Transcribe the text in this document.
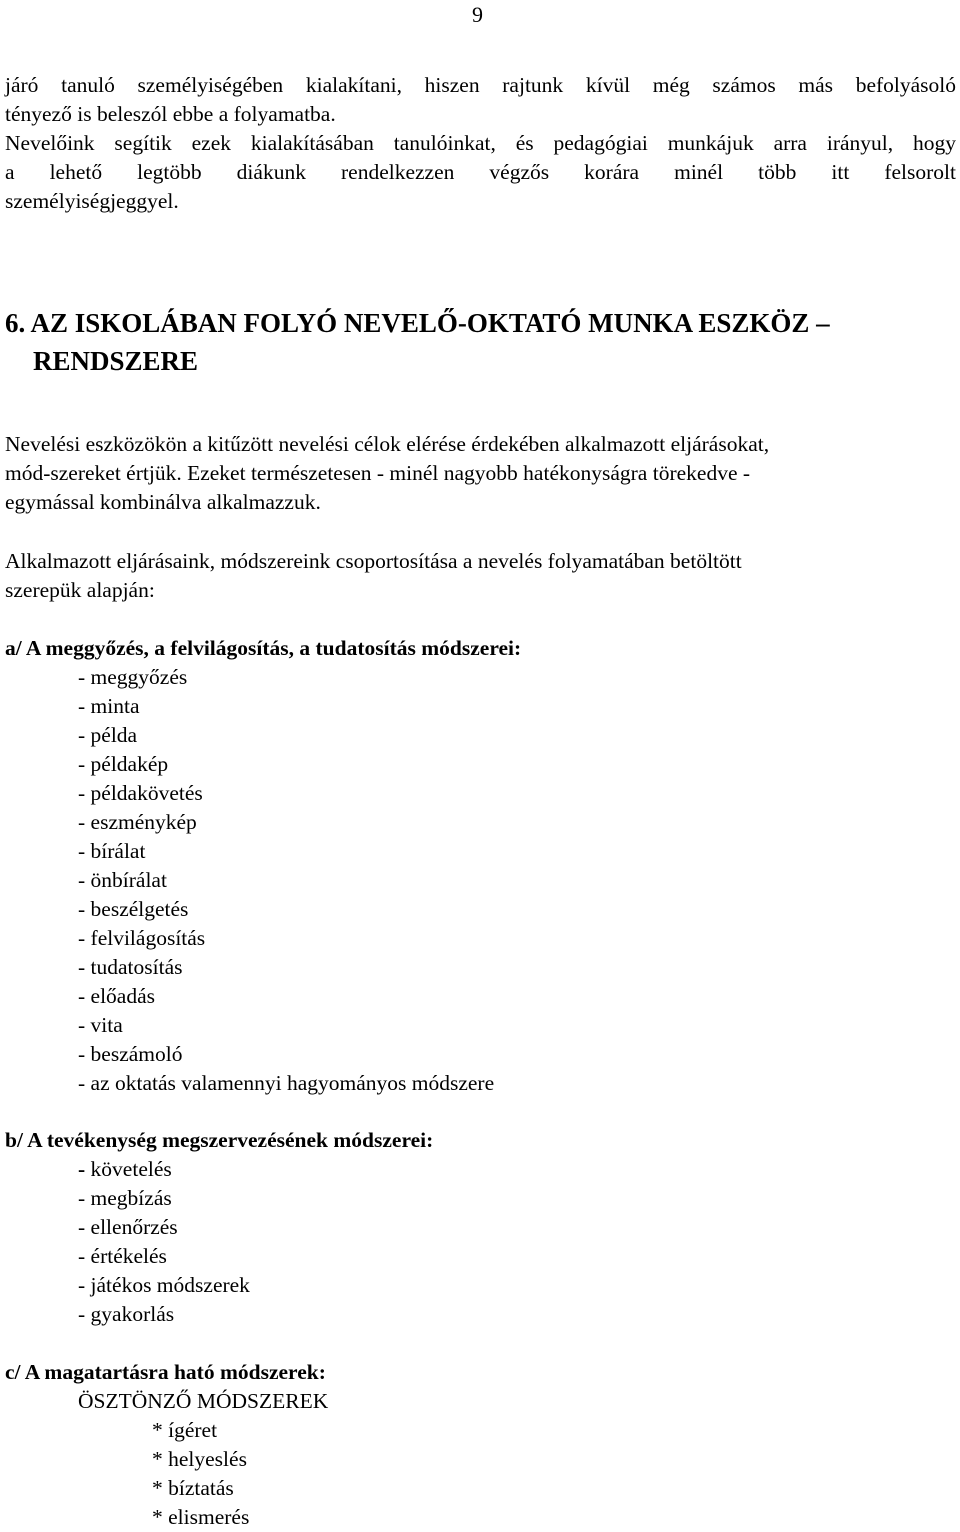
9
járó tanuló személyiségében kialakítani, hiszen rajtunk kívül még számos más befolyásoló
tényező is beleszól ebbe a folyamatba.
Nevelőink segítik ezek kialakításában tanulóinkat, és pedagógiai munkájuk arra irányul, hogy
a lehető legtöbb diákunk rendelkezzen végzős korára minél több itt felsorolt
személyiségjeggyel.
6. AZ ISKOLÁBAN FOLYÓ NEVELŐ-OKTATÓ MUNKA ESZKÖZ –
RENDSZERE
Nevelési eszközökön a kitűzött nevelési célok elérése érdekében alkalmazott eljárásokat,
mód-szereket értjük. Ezeket természetesen - minél nagyobb hatékonyságra törekedve -
egymással kombinálva alkalmazzuk.
Alkalmazott eljárásaink, módszereink csoportosítása a nevelés folyamatában betöltött
szerepük alapján:
a/ A meggyőzés, a felvilágosítás, a tudatosítás módszerei:
- meggyőzés
- minta
- példa
- példakép
- példakövetés
- eszménykép
- bírálat
- önbírálat
- beszélgetés
- felvilágosítás
- tudatosítás
- előadás
- vita
- beszámoló
- az oktatás valamennyi hagyományos módszere
b/ A tevékenység megszervezésének módszerei:
- követelés
- megbízás
- ellenőrzés
- értékelés
- játékos módszerek
- gyakorlás
c/ A magatartásra ható módszerek:
ÖSZTÖNZŐ MÓDSZEREK
* ígéret
* helyeslés
* bíztatás
* elismerés
